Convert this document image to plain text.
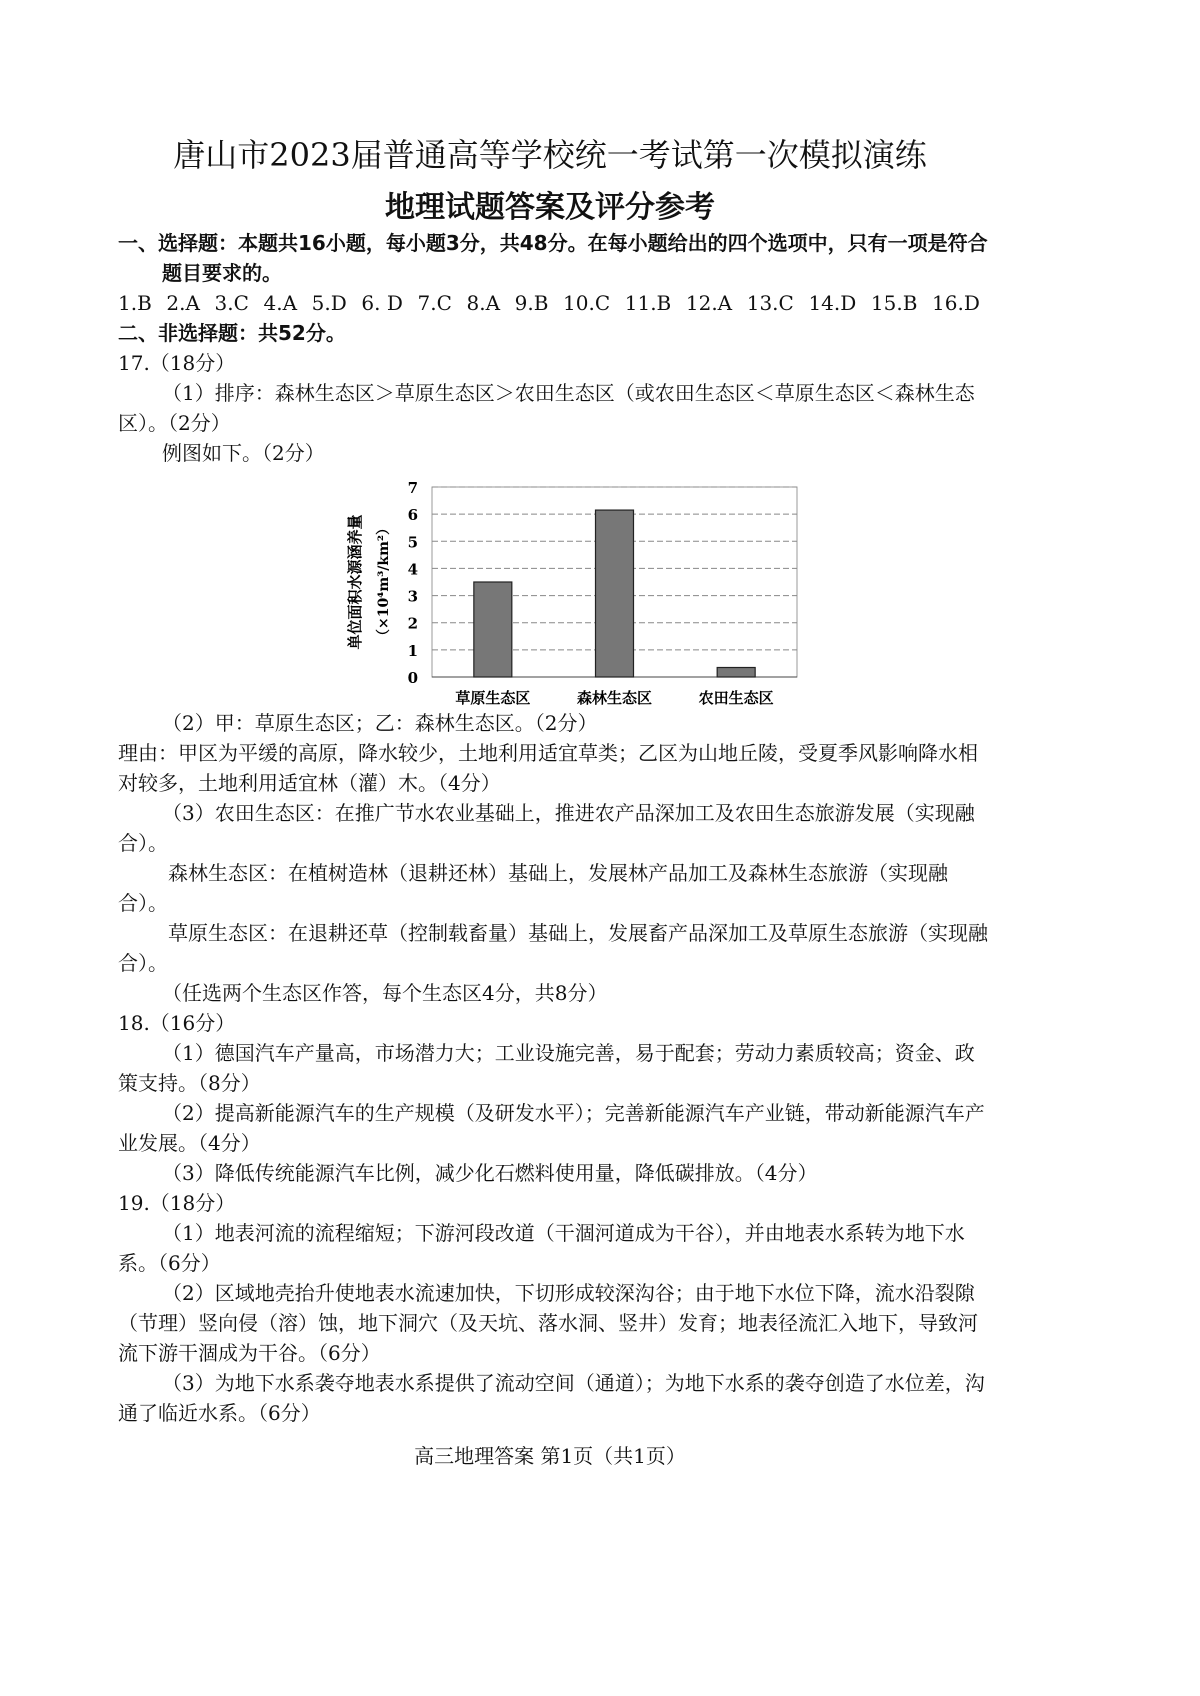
唐山市2023届普通高等学校统一考试第一次模拟演练
地理试题答案及评分参考

一、选择题：本题共16小题，每小题3分，共48分。在每小题给出的四个选项中，只有一项是符合题目要求的。

1.B 2.A 3.C 4.A 5.D 6. D 7.C 8.A 9.B 10.C 11.B 12.A 13.C 14.D 15.B 16.D

二、非选择题：共52分。

17.（18分）

（1）排序：森林生态区＞草原生态区＞农田生态区（或农田生态区＜草原生态区＜森林生态区）。（2分）

例图如下。（2分）

0
1
2
3
4
5
6
7
草原生态区	森林生态区	农田生态区
单位面积水源涵养量 （×10⁴m³/km²）

（2）甲：草原生态区；乙：森林生态区。（2分）

理由：甲区为平缓的高原，降水较少，土地利用适宜草类；乙区为山地丘陵，受夏季风影响降水相对较多，土地利用适宜林（灌）木。（4分）

（3）农田生态区：在推广节水农业基础上，推进农产品深加工及农田生态旅游发展（实现融合）。

森林生态区：在植树造林（退耕还林）基础上，发展林产品加工及森林生态旅游（实现融合）。

草原生态区：在退耕还草（控制载畜量）基础上，发展畜产品深加工及草原生态旅游（实现融合）。

（任选两个生态区作答，每个生态区4分，共8分）

18.（16分）

（1）德国汽车产量高，市场潜力大；工业设施完善，易于配套；劳动力素质较高；资金、政策支持。（8分）

（2）提高新能源汽车的生产规模（及研发水平）；完善新能源汽车产业链，带动新能源汽车产业发展。（4分）

（3）降低传统能源汽车比例，减少化石燃料使用量，降低碳排放。（4分）

19.（18分）

（1）地表河流的流程缩短；下游河段改道（干涸河道成为干谷），并由地表水系转为地下水系。（6分）

（2）区域地壳抬升使地表水流速加快，下切形成较深沟谷；由于地下水位下降，流水沿裂隙（节理）竖向侵（溶）蚀，地下洞穴（及天坑、落水洞、竖井）发育；地表径流汇入地下，导致河流下游干涸成为干谷。（6分）

（3）为地下水系袭夺地表水系提供了流动空间（通道）；为地下水系的袭夺创造了水位差，沟通了临近水系。（6分）

高三地理答案 第1页（共1页）
